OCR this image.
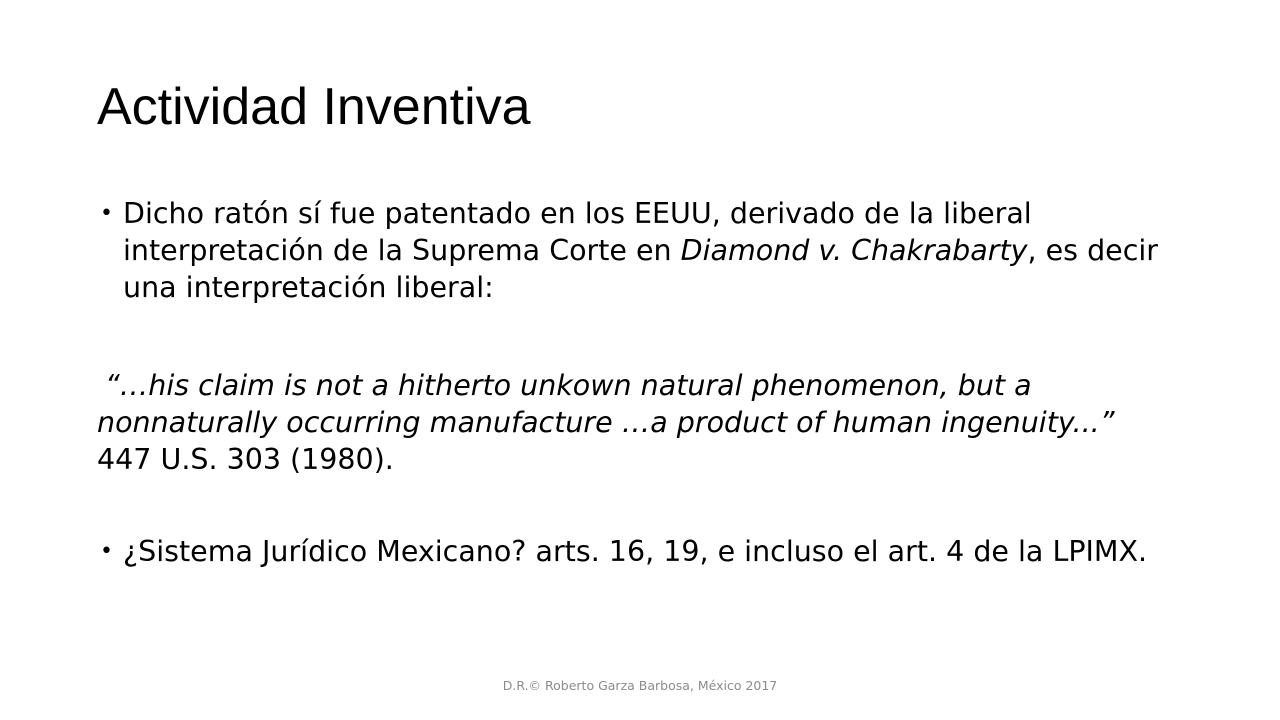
Actividad Inventiva
• Dicho ratón sí fue patentado en los EEUU, derivado de la liberal interpretación de la Suprema Corte en Diamond v. Chakrabarty, es decir una interpretación liberal:
“…his claim is not a hitherto unkown natural phenomenon, but a
nonnaturally occurring manufacture …a product of human ingenuity...”
447 U.S. 303 (1980).
• ¿Sistema Jurídico Mexicano? arts. 16, 19, e incluso el art. 4 de la LPIMX.
D.R.© Roberto Garza Barbosa, México 2017
